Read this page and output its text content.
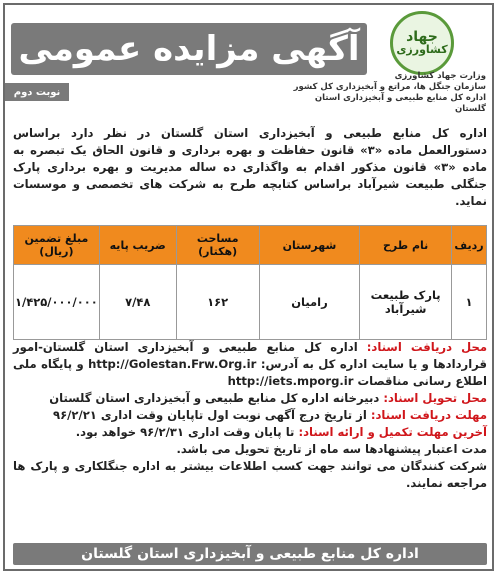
آگهی مزایده عمومی	جهاد
کشاورزی
وزارت جهاد کشاورزی
سازمان جنگل ها، مراتع و آبخیزداری کل کشور
اداره کل منابع طبیعی و آبخیزداری استان گلستان
نوبت دوم
اداره کل منابع طبیعی و آبخیزداری استان گلستان در نظر دارد براساس دستورالعمل ماده «۳» قانون حفاظت و بهره برداری و قانون الحاق یک تبصره به ماده «۳» قانون مذکور اقدام به واگذاری ده ساله مدیریت و بهره برداری پارک جنگلی طبیعت شیرآباد براساس کتابچه طرح به شرکت های تخصصی و موسسات نماید.
ردیف	نام طرح	شهرستان	مساحت (هکتار)	ضریب پایه	مبلغ تضمین (ریال)
۱	پارک طبیعت شیرآباد	رامیان	۱۶۲	۷/۴۸	۱/۴۲۵/۰۰۰/۰۰۰

محل دریافت اسناد: اداره کل منابع طبیعی و آبخیزداری استان گلستان-امور قراردادها و یا سایت اداره کل به آدرس: http://Golestan.Frw.Org.ir و پایگاه ملی اطلاع رسانی مناقصات http://iets.mporg.ir

محل تحویل اسناد: دبیرخانه اداره کل منابع طبیعی و آبخیزداری استان گلستان

مهلت دریافت اسناد: از تاریخ درج آگهی نوبت اول تاپایان وقت اداری ۹۶/۲/۲۱

آخرین مهلت تکمیل و ارائه اسناد: تا پایان وقت اداری ۹۶/۲/۳۱ خواهد بود.

مدت اعتبار پیشنهادها سه ماه از تاریخ تحویل می باشد.

شرکت کنندگان می توانند جهت کسب اطلاعات بیشتر به اداره جنگلکاری و پارک ها مراجعه نمایند.

اداره کل منابع طبیعی و آبخیزداری استان گلستان
